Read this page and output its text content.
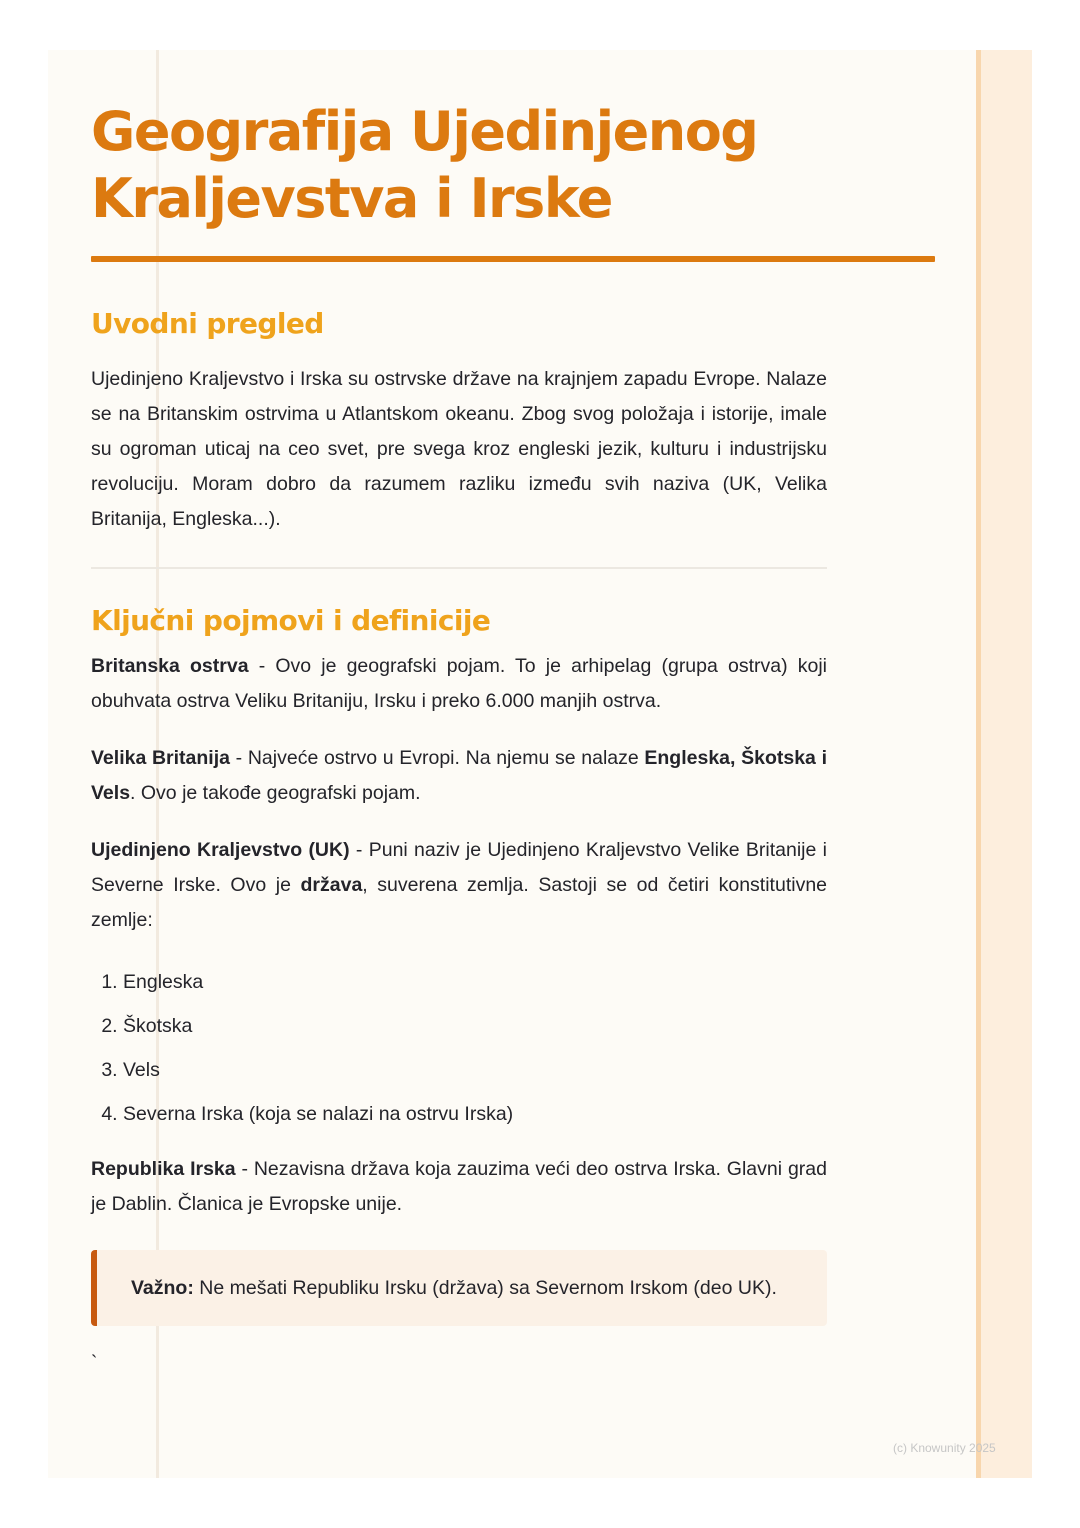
Geografija Ujedinjenog
Kraljevstva i Irske
Uvodni pregled

Ujedinjeno Kraljevstvo i Irska su ostrvske države na krajnjem zapadu Evrope. Nalaze se na Britanskim ostrvima u Atlantskom okeanu. Zbog svog položaja i istorije, imale su ogroman uticaj na ceo svet, pre svega kroz engleski jezik, kulturu i industrijsku revoluciju. Moram dobro da razumem razliku između svih naziva (UK, Velika Britanija, Engleska...).

Ključni pojmovi i definicije

Britanska ostrva - Ovo je geografski pojam. To je arhipelag (grupa ostrva) koji obuhvata ostrva Veliku Britaniju, Irsku i preko 6.000 manjih ostrva.

Velika Britanija - Najveće ostrvo u Evropi. Na njemu se nalaze Engleska, Škotska i Vels. Ovo je takođe geografski pojam.

Ujedinjeno Kraljevstvo (UK) - Puni naziv je Ujedinjeno Kraljevstvo Velike Britanije i Severne Irske. Ovo je država, suverena zemlja. Sastoji se od četiri konstitutivne zemlje:

1. Engleska
2. Škotska
3. Vels
4. Severna Irska (koja se nalazi na ostrvu Irska)

Republika Irska - Nezavisna država koja zauzima veći deo ostrva Irska. Glavni grad je Dablin. Članica je Evropske unije.

Važno: Ne mešati Republiku Irsku (država) sa Severnom Irskom (deo UK).

`
(c) Knowunity 2025
